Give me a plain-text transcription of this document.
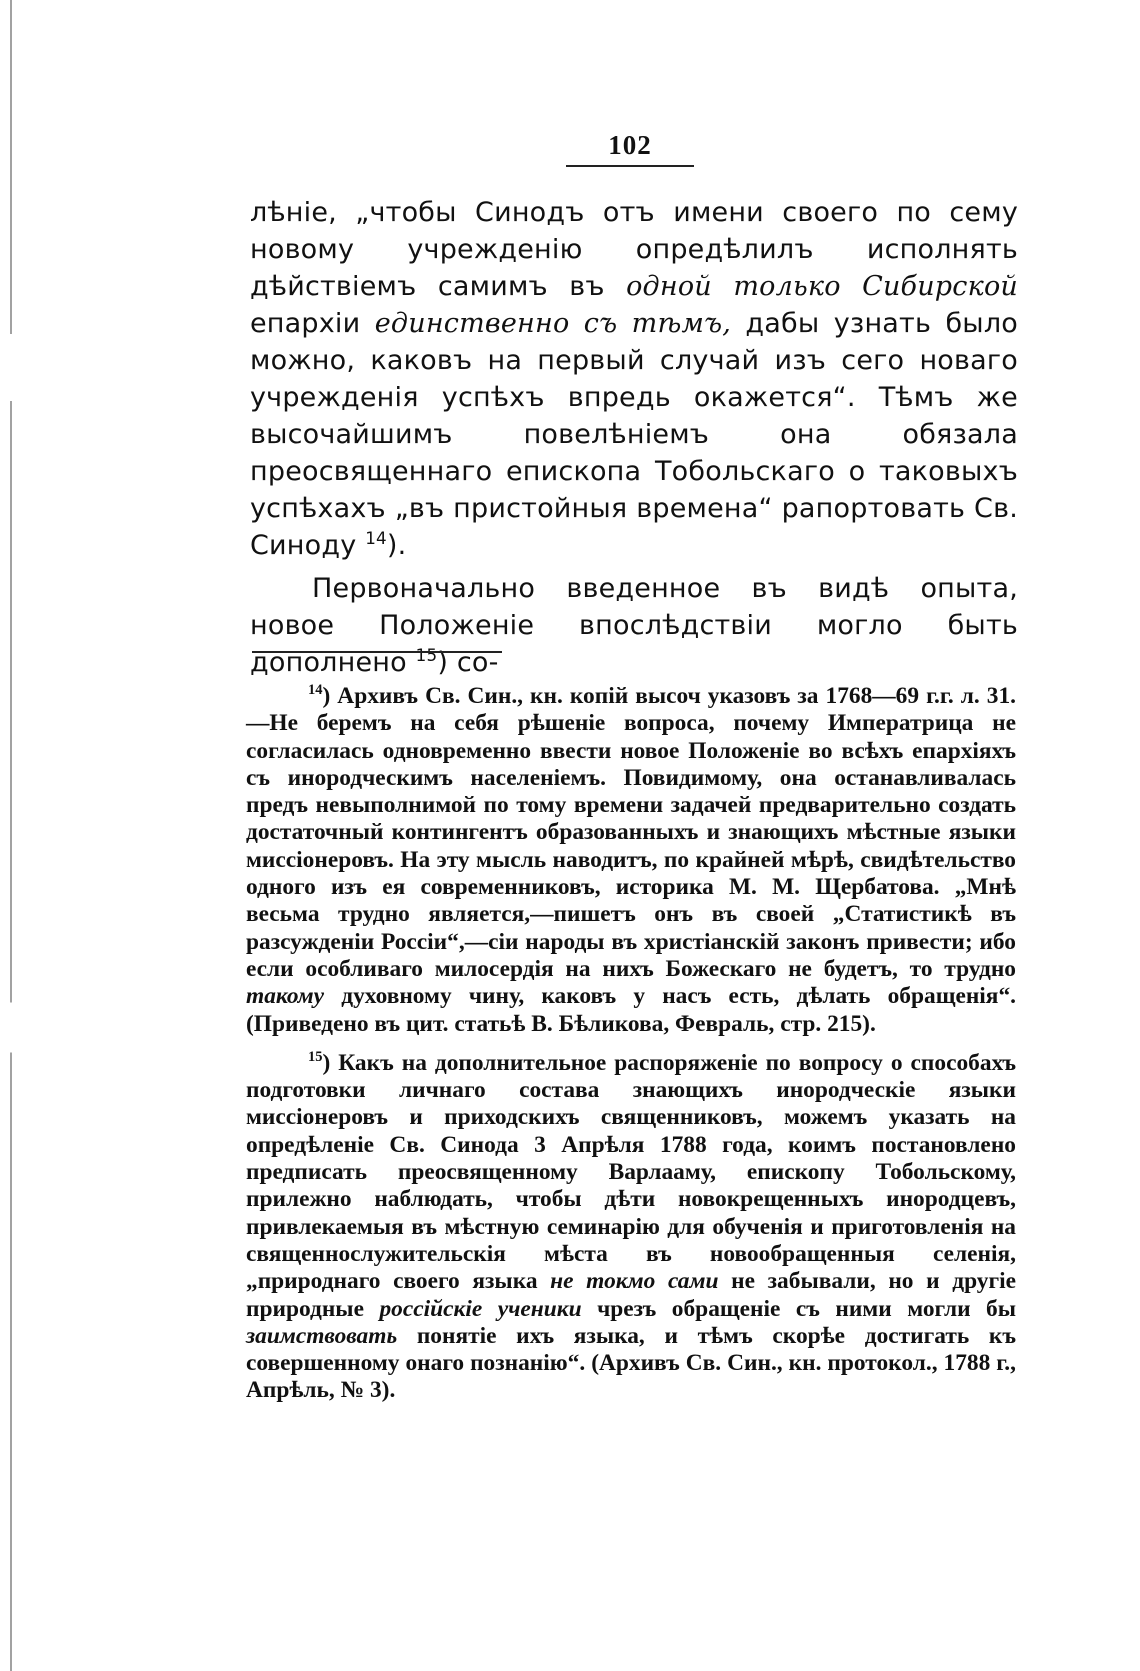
102

лѣніе, „чтобы Синодъ отъ имени своего по сему новому учрежденію опредѣлилъ исполнять дѣйствіемъ самимъ въ одной только Сибирской епархіи единственно съ тѣмъ, дабы узнать было можно, каковъ на первый случай изъ сего новаго учрежденія успѣхъ впредь окажется“. Тѣмъ же высочайшимъ повелѣніемъ она обязала преосвященнаго епископа Тобольскаго о таковыхъ успѣхахъ „въ пристойныя времена“ рапортовать Св. Синоду $^{14}$).

Первоначально введенное въ видѣ опыта, новое Положеніе впослѣдствіи могло быть дополнено $^{15}$) со-

$^{14}$) Архивъ Св. Син., кн. копій высоч указовъ за 1768—69 г.г. л. 31.—Не беремъ на себя рѣшеніе вопроса, почему Императрица не согласилась одновременно ввести новое Положеніе во всѣхъ епархіяхъ съ инородческимъ населеніемъ. Повидимому, она останавливалась предъ невыполнимой по тому времени задачей предварительно создать достаточный контингентъ образованныхъ и знающихъ мѣстные языки миссіонеровъ. На эту мысль наводитъ, по крайней мѣрѣ, свидѣтельство одного изъ ея современниковъ, историка М. М. Щербатова. „Мнѣ весьма трудно является,—пишетъ онъ въ своей „Статистикѣ въ разсужденіи Россіи“,—сіи народы въ христіанскій законъ привести; ибо если особливаго милосердія на нихъ Божескаго не будетъ, то трудно такому духовному чину, каковъ у насъ есть, дѣлать обращенія“. (Приведено въ цит. статьѣ В. Бѣликова, Февраль, стр. 215).

$^{15}$) Какъ на дополнительное распоряженіе по вопросу о способахъ подготовки личнаго состава знающихъ инородческіе языки миссіонеровъ и приходскихъ священниковъ, можемъ указать на опредѣленіе Св. Синода 3 Апрѣля 1788 года, коимъ постановлено предписать преосвященному Варлааму, епископу Тобольскому, прилежно наблюдать, чтобы дѣти новокрещенныхъ инородцевъ, привлекаемыя въ мѣстную семинарію для обученія и приготовленія на священнослужительскія мѣста въ новообращенныя селенія, „природнаго своего языка не токмо сами не забывали, но и другіе природные россійскіе ученики чрезъ обращеніе съ ними могли бы заимствовать понятіе ихъ языка, и тѣмъ скорѣе достигать къ совершенному онаго познанію“. (Архивъ Св. Син., кн. протокол., 1788 г., Апрѣль, № 3).
